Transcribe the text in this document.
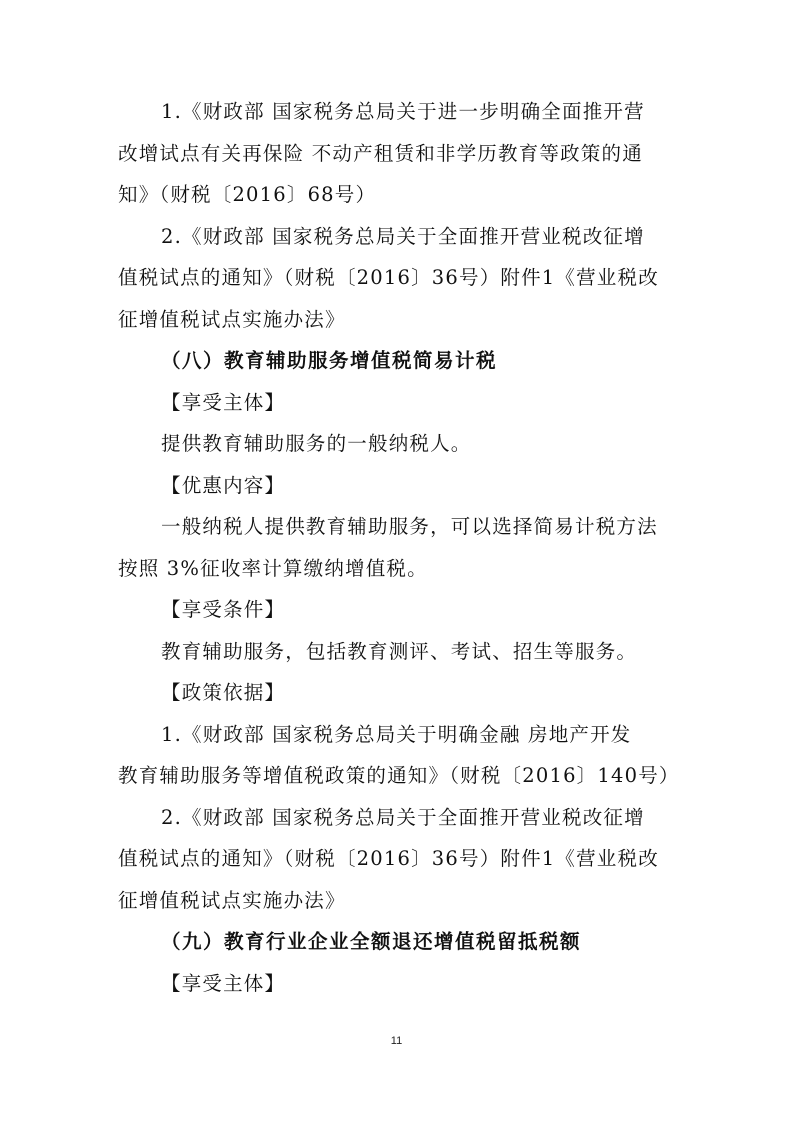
1.《财政部 国家税务总局关于进一步明确全面推开营
改增试点有关再保险 不动产租赁和非学历教育等政策的通
知》（财税〔2016〕68号）
2.《财政部 国家税务总局关于全面推开营业税改征增
值税试点的通知》（财税〔2016〕36号）附件1《营业税改
征增值税试点实施办法》
（八）教育辅助服务增值税简易计税
【享受主体】
提供教育辅助服务的一般纳税人。
【优惠内容】
一般纳税人提供教育辅助服务，可以选择简易计税方法
按照 3%征收率计算缴纳增值税。
【享受条件】
教育辅助服务，包括教育测评、考试、招生等服务。
【政策依据】
1.《财政部 国家税务总局关于明确金融 房地产开发
教育辅助服务等增值税政策的通知》（财税〔2016〕140号）
2.《财政部 国家税务总局关于全面推开营业税改征增
值税试点的通知》（财税〔2016〕36号）附件1《营业税改
征增值税试点实施办法》
（九）教育行业企业全额退还增值税留抵税额
【享受主体】
11
